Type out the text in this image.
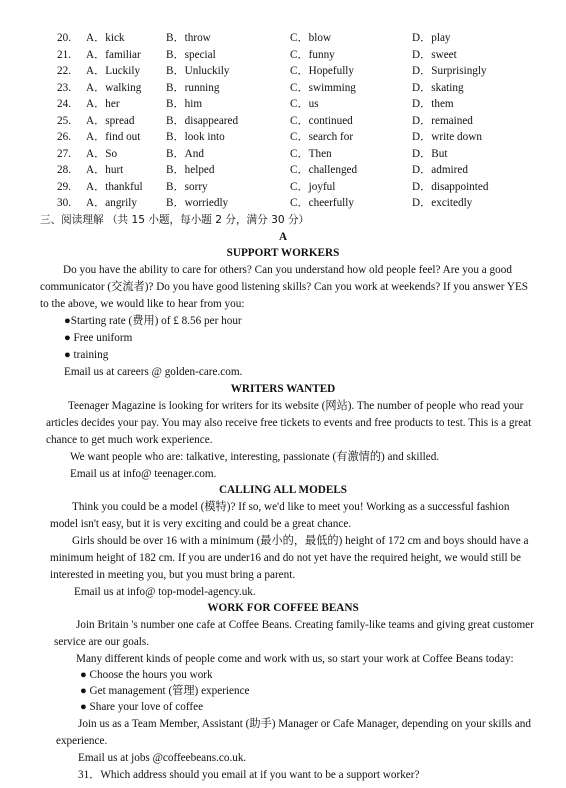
20.	A．kick	B．throw	C．blow	D．play
21.	A．familiar B．special	C．funny	D．sweet
22.	A．Luckily B．Unluckily	C．Hopefully	D．Surprisingly
23.	A．walking B．running	C．swimming	D．skating
24.	A．her	B．him	C．us	D．them
25.	A．spread	B．disappeared	C．continued	D．remained
26.	A．find out B．look into	C．search for	D．write down
27.	A．So	B．And	C．Then	D．But
28.	A．hurt	B．helped	C．challenged	D．admired
29.	A．thankful B．sorry	C．joyful	D．disappointed
30.	A．angrily	B．worriedly	C．cheerfully	D．excitedly
三、阅读理解 （共 15 小题，每小题 2 分，满分 30 分）
A
SUPPORT WORKERS
Do you have the ability to care for others? Can you understand how old people feel? Are you a good
communicator (交流者)? Do you have good listening skills? Can you work at weekends? If you answer YES
to the above, we would like to hear from you:
●Starting rate (费用) of £ 8.56 per hour
● Free uniform
● training
Email us at careers @ golden-care.com.
WRITERS WANTED
Teenager Magazine is looking for writers for its website (网站). The number of people who read your
articles decides your pay. You may also receive free tickets to events and free products to test. This is a great
chance to get much work experience.
We want people who are: talkative, interesting, passionate (有激情的) and skilled.
Email us at info@ teenager.com.
CALLING ALL MODELS
Think you could be a model (模特)? If so, we'd like to meet you! Working as a successful fashion
model isn't easy, but it is very exciting and could be a great chance.
Girls should be over 16 with a minimum (最小的，最低的) height of 172 cm and boys should have a
minimum height of 182 cm. If you are under16 and do not yet have the required height, we would still be
interested in meeting you, but you must bring a parent.
Email us at info@ top-model-agency.uk.
WORK FOR COFFEE BEANS
Join Britain 's number one cafe at Coffee Beans. Creating family-like teams and giving great customer
service are our goals.
Many different kinds of people come and work with us, so start your work at Coffee Beans today:
● Choose the hours you work
● Get management (管理) experience
● Share your love of coffee
Join us as a Team Member, Assistant (助手) Manager or Cafe Manager, depending on your skills and
experience.
Email us at jobs @coffeebeans.co.uk.
31．Which address should you email at if you want to be a support worker?
